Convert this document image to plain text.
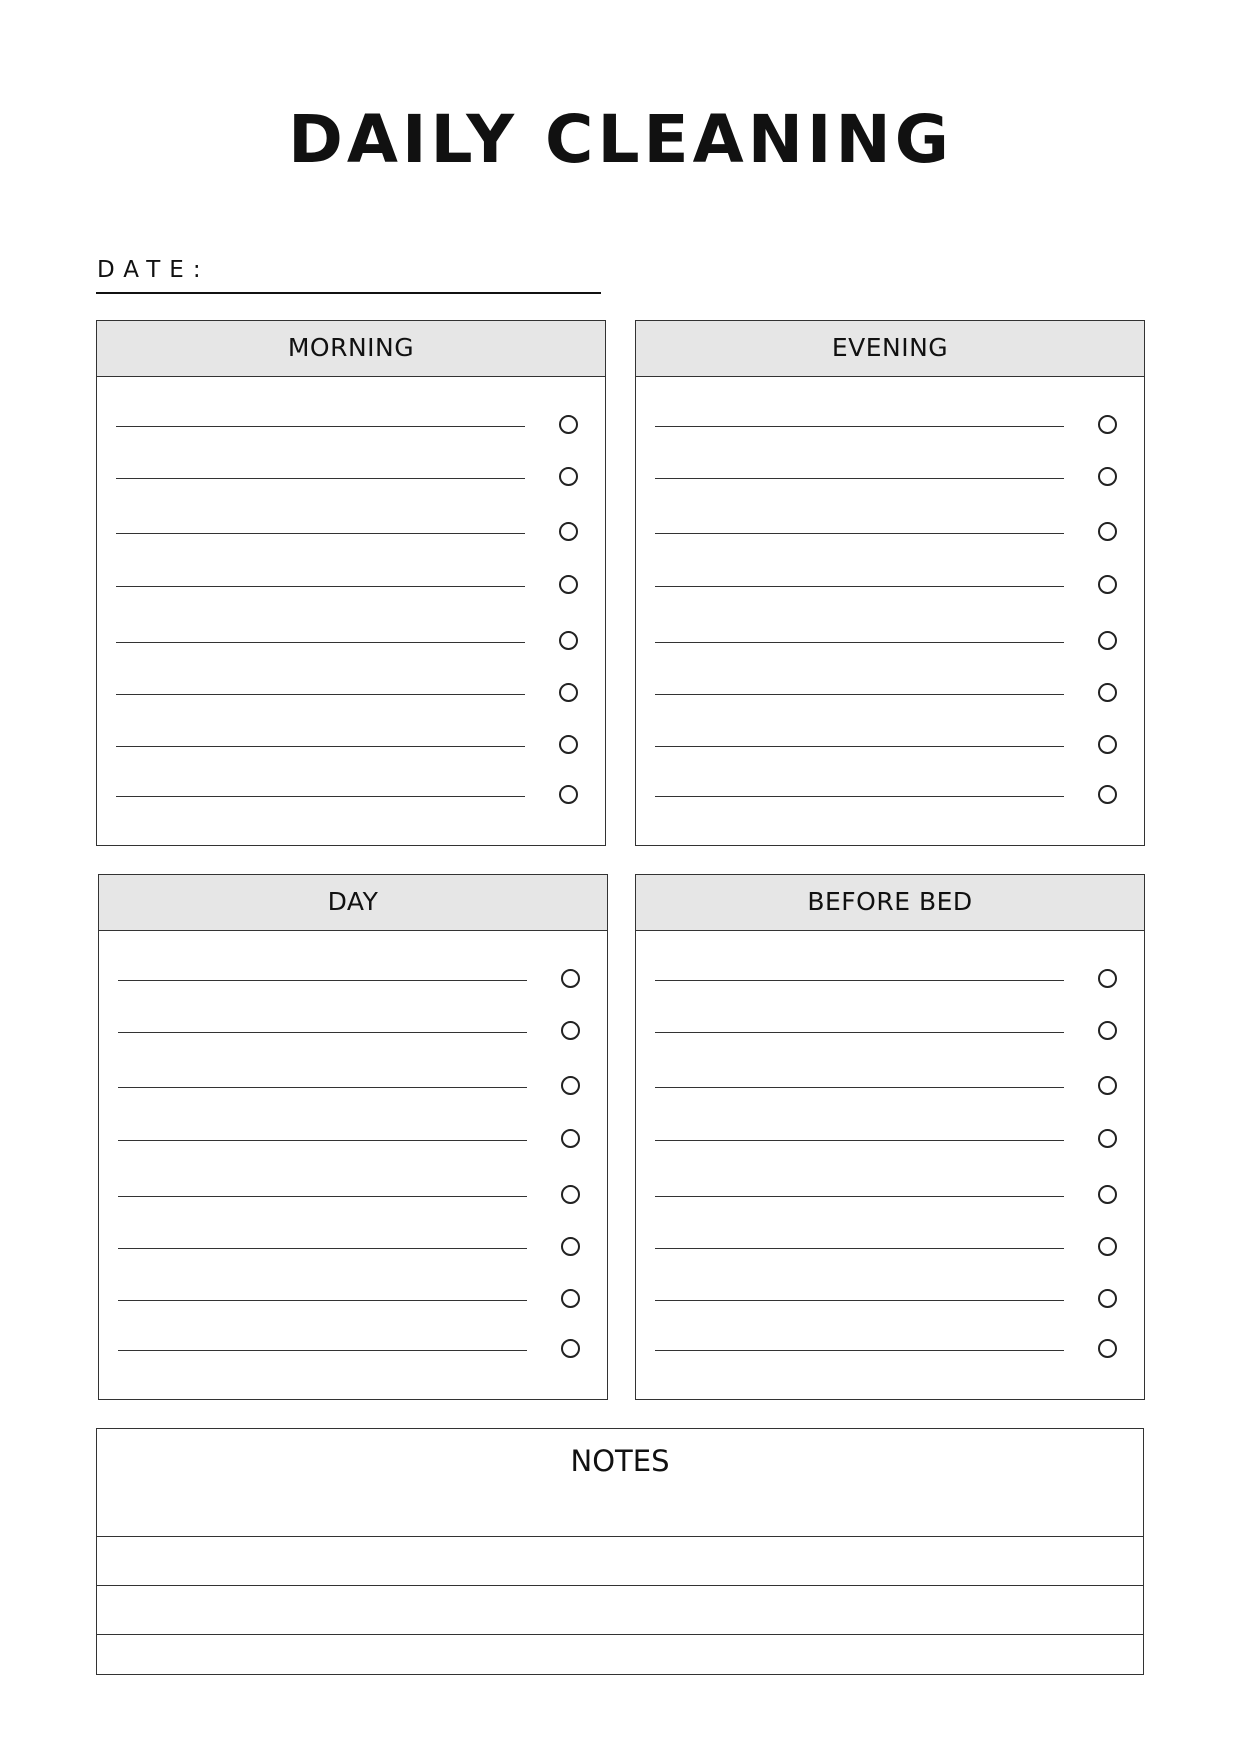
DAILY CLEANING
DATE:
MORNING	EVENING
DAY	BEFORE BED
NOTES
